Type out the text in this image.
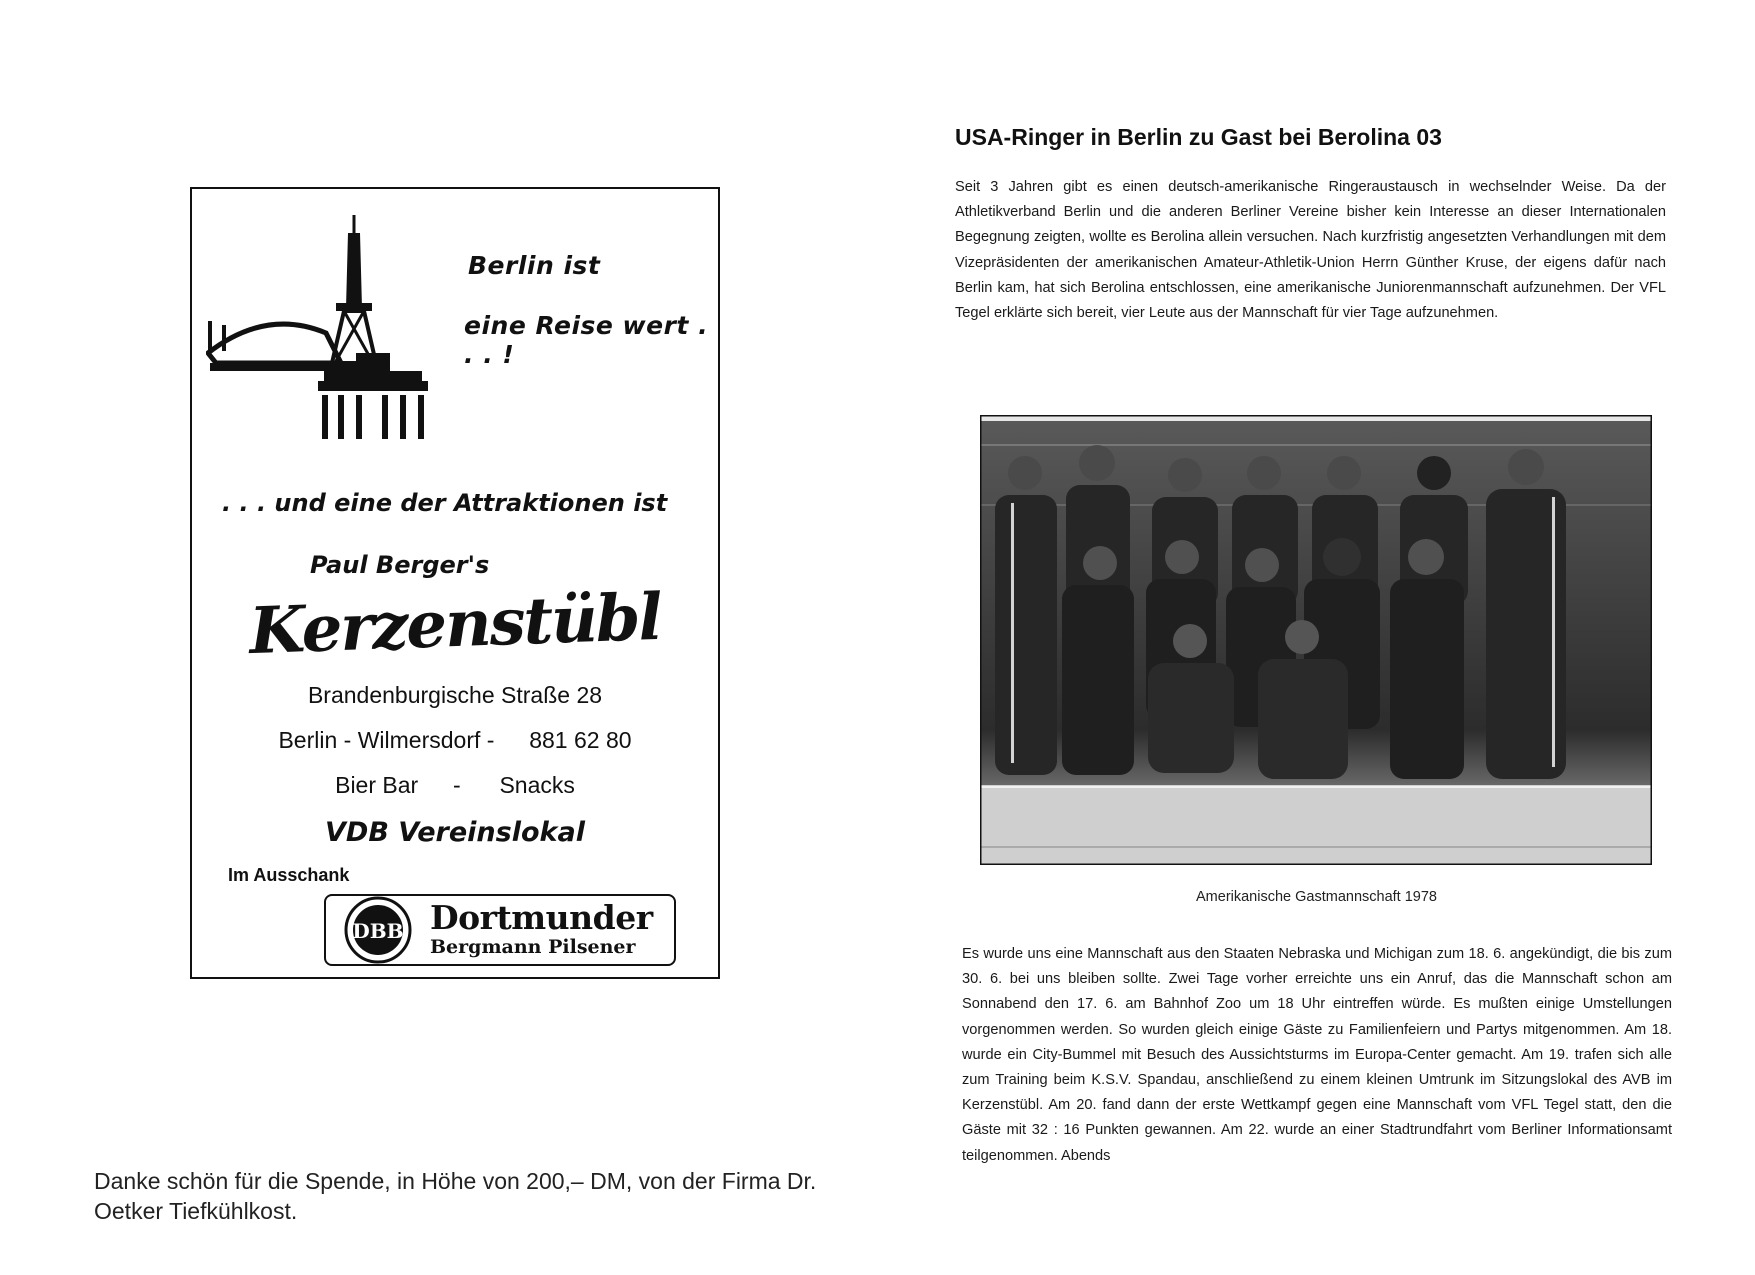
Berlin ist
eine Reise wert . . . !
. . . und eine der Attraktionen ist
Paul Berger's
Kerzenstübl
Brandenburgische Straße 28
Berlin - Wilmersdorf - 881 62 80
Bier Bar - Snacks
VDB Vereinslokal
Im Ausschank
DBB Dortmunder
Bergmann Pilsener
Danke schön für die Spende, in Höhe von 200,– DM, von der Firma Dr. Oetker Tiefkühlkost.
USA-Ringer in Berlin zu Gast bei Berolina 03
Seit 3 Jahren gibt es einen deutsch-amerikanische Ringeraustausch in wechselnder Weise. Da der Athletikverband Berlin und die anderen Berliner Vereine bisher kein Interesse an dieser Internationalen Begegnung zeigten, wollte es Berolina allein versuchen. Nach kurzfristig angesetzten Verhandlungen mit dem Vizepräsidenten der amerikanischen Amateur-Athletik-Union Herrn Günther Kruse, der eigens dafür nach Berlin kam, hat sich Berolina entschlossen, eine amerikanische Juniorenmannschaft aufzunehmen. Der VFL Tegel erklärte sich bereit, vier Leute aus der Mannschaft für vier Tage aufzunehmen.
Amerikanische Gastmannschaft 1978
Es wurde uns eine Mannschaft aus den Staaten Nebraska und Michigan zum 18. 6. angekündigt, die bis zum 30. 6. bei uns bleiben sollte. Zwei Tage vorher erreichte uns ein Anruf, das die Mannschaft schon am Sonnabend den 17. 6. am Bahnhof Zoo um 18 Uhr eintreffen würde. Es mußten einige Umstellungen vorgenommen werden. So wurden gleich einige Gäste zu Familienfeiern und Partys mitgenommen. Am 18. wurde ein City-Bummel mit Besuch des Aussichtsturms im Europa-Center gemacht. Am 19. trafen sich alle zum Training beim K.S.V. Spandau, anschließend zu einem kleinen Umtrunk im Sitzungslokal des AVB im Kerzenstübl. Am 20. fand dann der erste Wettkampf gegen eine Mannschaft vom VFL Tegel statt, den die Gäste mit 32 : 16 Punkten gewannen. Am 22. wurde an einer Stadtrundfahrt vom Berliner Informationsamt teilgenommen. Abends
